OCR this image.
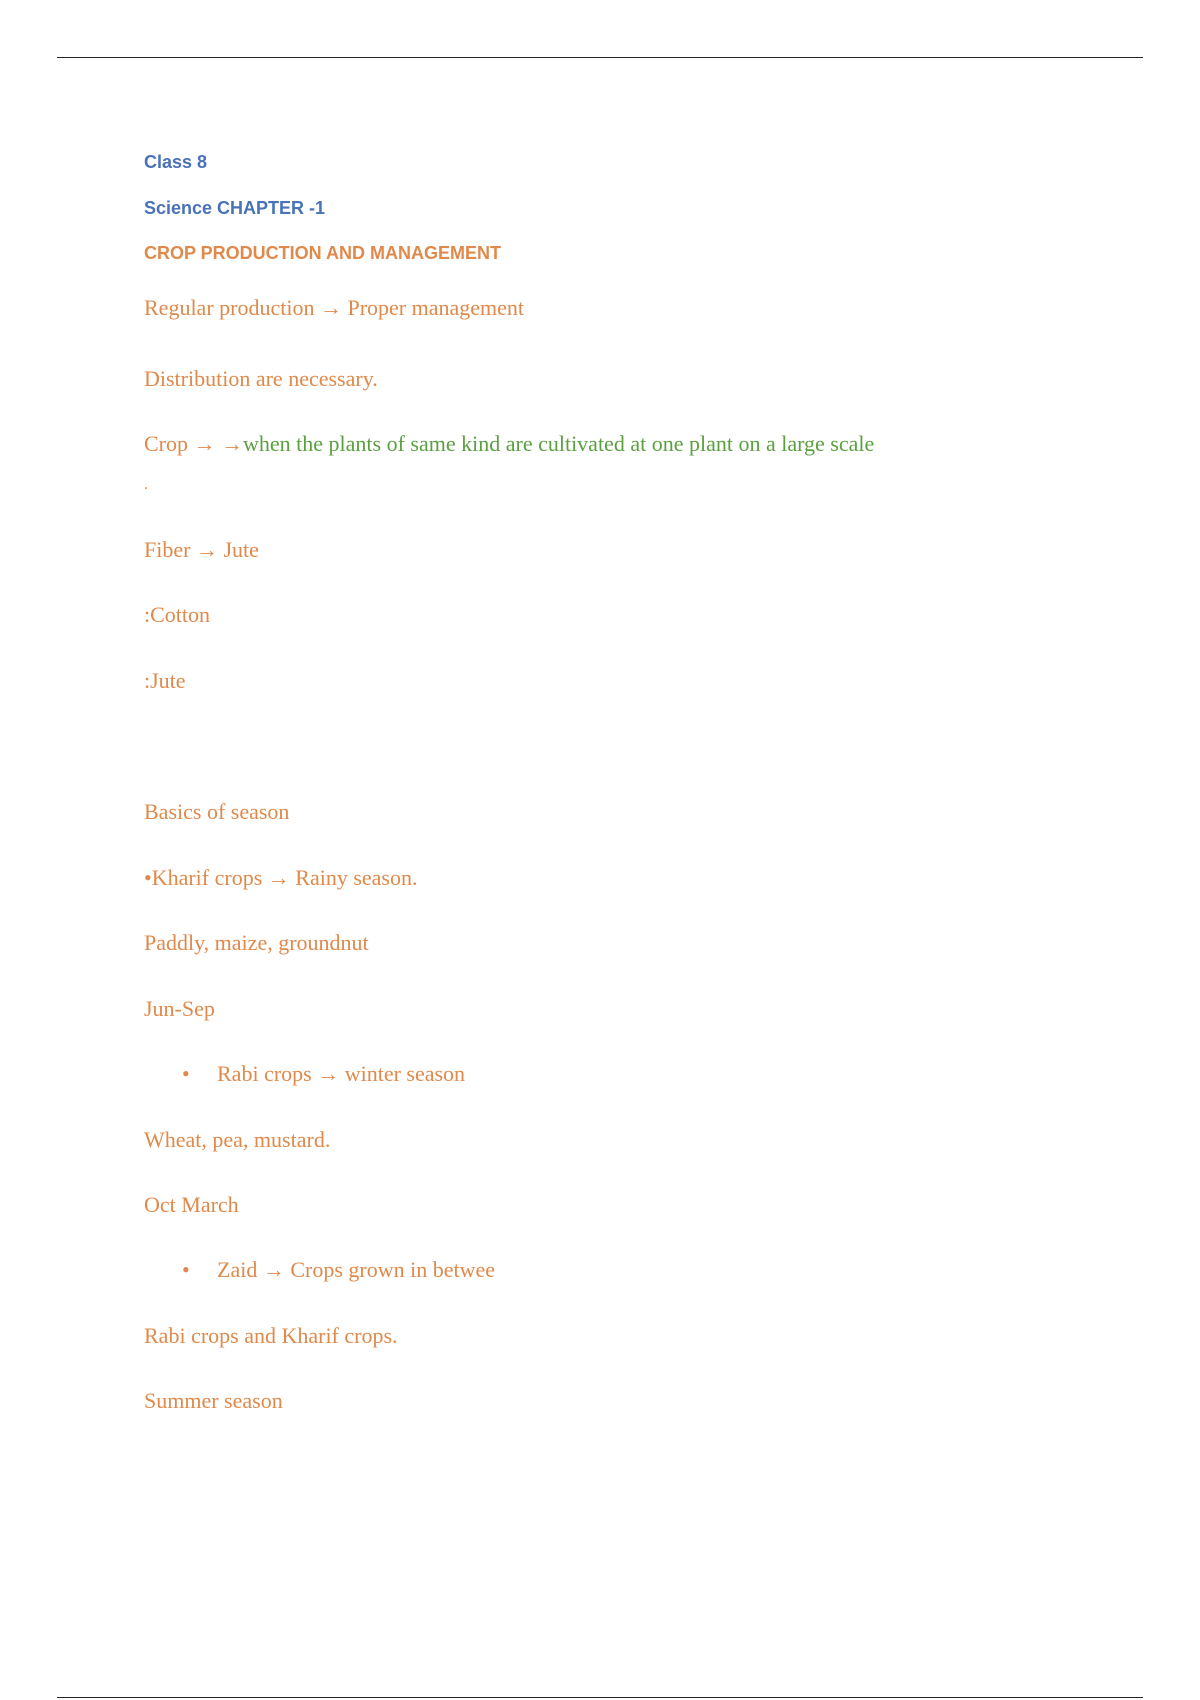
Class 8
Science CHAPTER -1
CROP PRODUCTION AND MANAGEMENT
Regular production → Proper management
Distribution are necessary.
Crop → →when the plants of same kind are cultivated at one plant on a large scale
.
Fiber → Jute
:Cotton
:Jute
Basics of season
•Kharif crops → Rainy season.
Paddly, maize, groundnut
Jun-Sep
• Rabi crops → winter season
Wheat, pea, mustard.
Oct March
• Zaid → Crops grown in betwee
Rabi crops and Kharif crops.
Summer season
